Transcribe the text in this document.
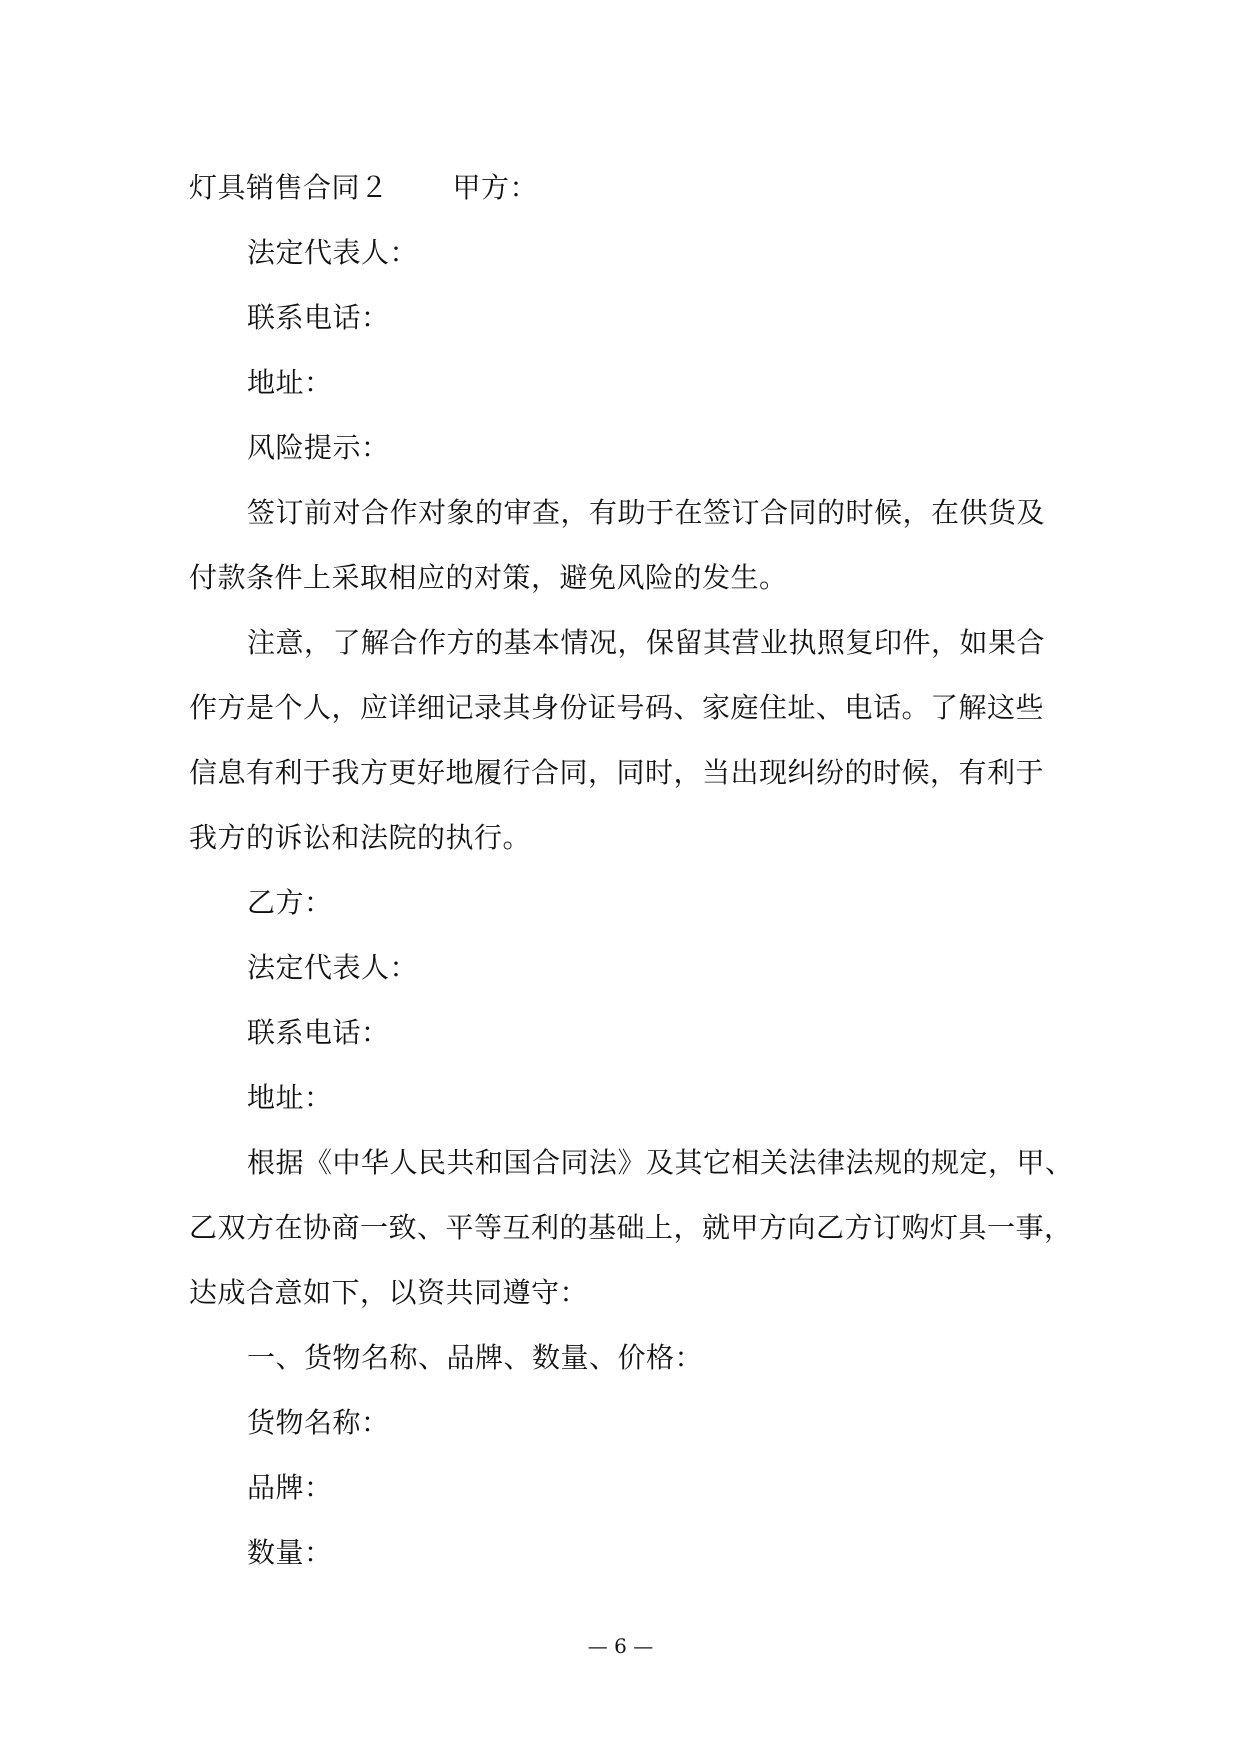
灯具销售合同２ 甲方：
法定代表人：
联系电话：
地址：
风险提示：
签订前对合作对象的审查，有助于在签订合同的时候，在供货及
付款条件上采取相应的对策，避免风险的发生。
注意，了解合作方的基本情况，保留其营业执照复印件，如果合
作方是个人，应详细记录其身份证号码、家庭住址、电话。了解这些
信息有利于我方更好地履行合同，同时，当出现纠纷的时候，有利于
我方的诉讼和法院的执行。
乙方：
法定代表人：
联系电话：
地址：
根据《中华人民共和国合同法》及其它相关法律法规的规定，甲、
乙双方在协商一致、平等互利的基础上，就甲方向乙方订购灯具一事，
达成合意如下，以资共同遵守：
一、货物名称、品牌、数量、价格：
货物名称：
品牌：
数量：
— 6 —
